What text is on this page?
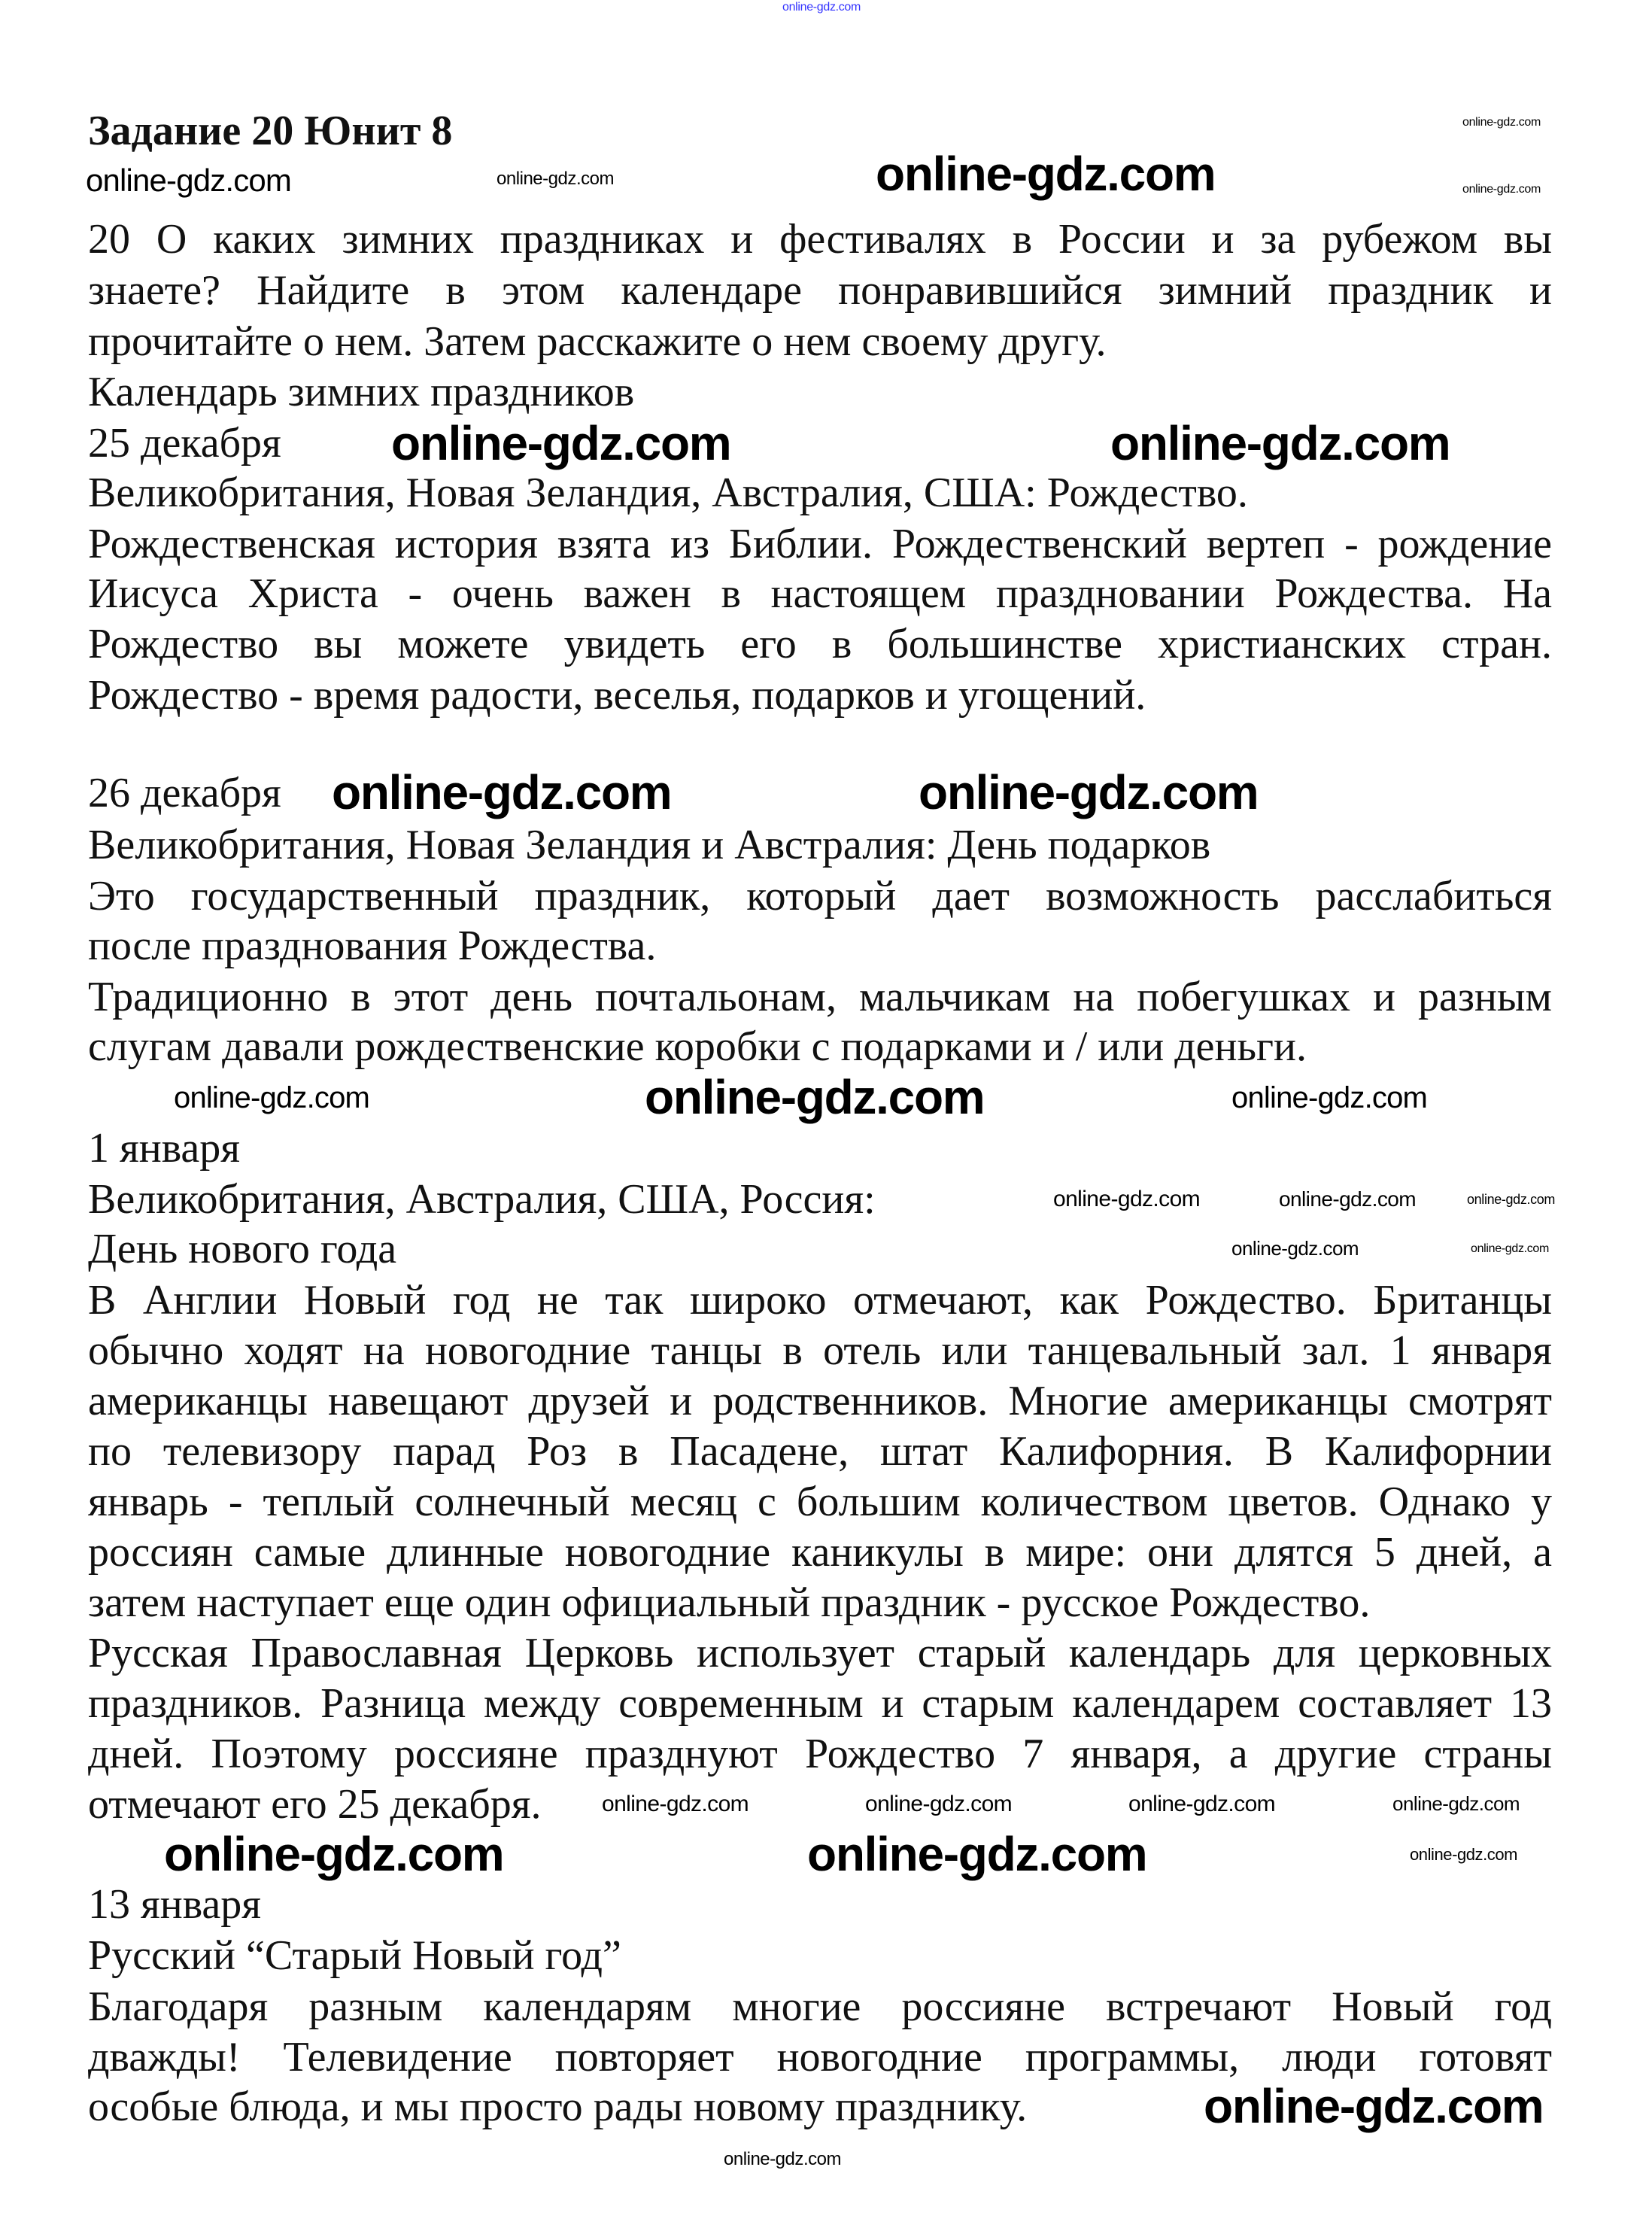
Задание 20 Юнит 8
20 О каких зимних праздниках и фестивалях в России и за рубежом вы
знаете? Найдите в этом календаре понравившийся зимний праздник и
прочитайте о нем. Затем расскажите о нем своему другу.
Календарь зимних праздников
25 декабря
Великобритания, Новая Зеландия, Австралия, США: Рождество.
Рождественская история взята из Библии. Рождественский вертеп - рождение
Иисуса Христа - очень важен в настоящем праздновании Рождества. На
Рождество вы можете увидеть его в большинстве христианских стран.
Рождество - время радости, веселья, подарков и угощений.
26 декабря
Великобритания, Новая Зеландия и Австралия: День подарков
Это государственный праздник, который дает возможность расслабиться
после празднования Рождества.
Традиционно в этот день почтальонам, мальчикам на побегушках и разным
слугам давали рождественские коробки с подарками и / или деньги.
1 января
Великобритания, Австралия, США, Россия:
День нового года
В Англии Новый год не так широко отмечают, как Рождество. Британцы
обычно ходят на новогодние танцы в отель или танцевальный зал. 1 января
американцы навещают друзей и родственников. Многие американцы смотрят
по телевизору парад Роз в Пасадене, штат Калифорния. В Калифорнии
январь - теплый солнечный месяц с большим количеством цветов. Однако у
россиян самые длинные новогодние каникулы в мире: они длятся 5 дней, а
затем наступает еще один официальный праздник - русское Рождество.
Русская Православная Церковь использует старый календарь для церковных
праздников. Разница между современным и старым календарем составляет 13
дней. Поэтому россияне празднуют Рождество 7 января, а другие страны
отмечают его 25 декабря.
13 января
Русский “Старый Новый год”
Благодаря разным календарям многие россияне встречают Новый год
дважды! Телевидение повторяет новогодние программы, люди готовят
особые блюда, и мы просто рады новому празднику.
online-gdz.com
online-gdz.com	online-gdz.com	online-gdz.com
online-gdz.com
online-gdz.com
online-gdz.com	online-gdz.com
online-gdz.com	online-gdz.com
online-gdz.com
online-gdz.com	online-gdz.com
online-gdz.com	online-gdz.com
online-gdz.com	online-gdz.com	online-gdz.com
online-gdz.com	online-gdz.com	online-gdz.com	online-gdz.com
online-gdz.com
online-gdz.com
online-gdz.com
online-gdz.com
online-gdz.com
